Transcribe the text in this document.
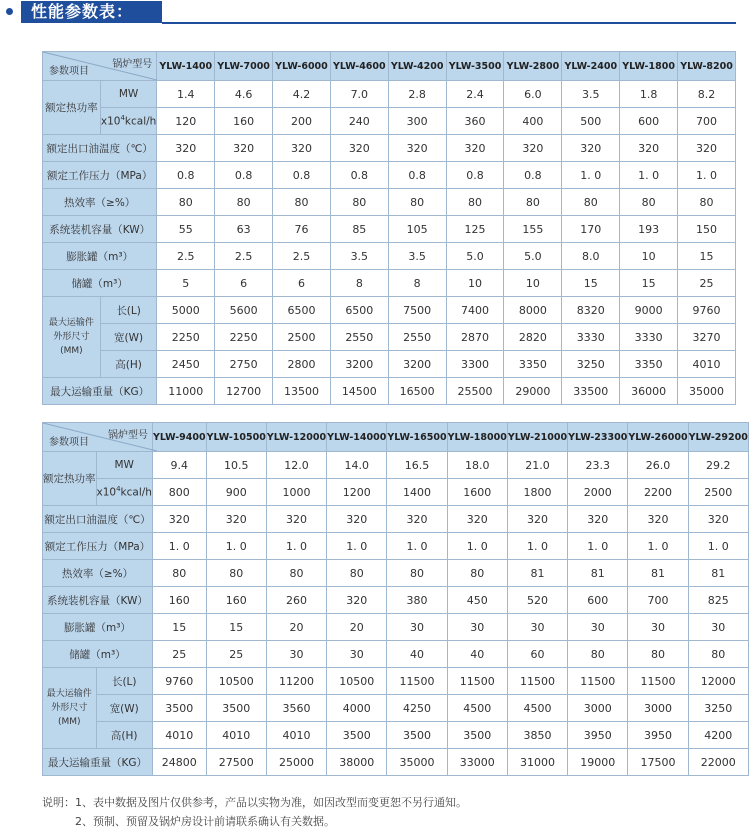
性能参数表：
锅炉型号
参数项目		YLW-1400	YLW-7000	YLW-6000	YLW-4600	YLW-4200	YLW-3500	YLW-2800	YLW-2400	YLW-1800	YLW-8200
额定热功率	MW	1.4	4.6	4.2	7.0	2.8	2.4	6.0	3.5	1.8	8.2
	$x10^4kcal/h$	120	160	200	240	300	360	400	500	600	700
额定出口油温度（℃）		320	320	320	320	320	320	320	320	320	320
额定工作压力（MPa）		0.8	0.8	0.8	0.8	0.8	0.8	0.8	1. 0	1. 0	1. 0
热效率（≥%）		80	80	80	80	80	80	80	80	80	80
系统装机容量（KW）		55	63	76	85	105	125	155	170	193	150
膨胀罐（m³）		2.5	2.5	2.5	3.5	3.5	5.0	5.0	8.0	10	15
储罐（m³）		5	6	6	8	8	10	10	15	15	25

最大运输件
外形尺寸(MM)	长(L)	5000	5600	6500	6500	7500	7400	8000	8320	9000	9760
	宽(W)	2250	2250	2500	2550	2550	2870	2820	3330	3330	3270
	高(H)	2450	2750	2800	3200	3200	3300	3350	3250	3350	4010
最大运输重量（KG）		11000	12700	13500	14500	16500	25500	29000	33500	36000	35000
锅炉型号
参数项目		YLW-9400	YLW-10500	YLW-12000	YLW-14000	YLW-16500	YLW-18000	YLW-21000	YLW-23300	YLW-26000	YLW-29200
额定热功率	MW	9.4	10.5	12.0	14.0	16.5	18.0	21.0	23.3	26.0	29.2
	$x10^4kcal/h$	800	900	1000	1200	1400	1600	1800	2000	2200	2500
额定出口油温度（℃）		320	320	320	320	320	320	320	320	320	320
额定工作压力（MPa）		1. 0	1. 0	1. 0	1. 0	1. 0	1. 0	1. 0	1. 0	1. 0	1. 0
热效率（≥%）		80	80	80	80	80	80	81	81	81	81
系统装机容量（KW）		160	160	260	320	380	450	520	600	700	825
膨胀罐（m³）		15	15	20	20	30	30	30	30	30	30
储罐（m³）		25	25	30	30	40	40	60	80	80	80

最大运输件
外形尺寸(MM)	长(L)	9760	10500	11200	10500	11500	11500	11500	11500	11500	12000
	宽(W)	3500	3500	3560	4000	4250	4500	4500	3000	3000	3250
	高(H)	4010	4010	4010	3500	3500	3500	3850	3950	3950	4200
最大运输重量（KG）		24800	27500	25000	38000	35000	33000	31000	19000	17500	22000
说明：1、表中数据及图片仅供参考，产品以实物为准，如因改型而变更恕不另行通知。
2、预制、预留及锅炉房设计前请联系确认有关数据。
